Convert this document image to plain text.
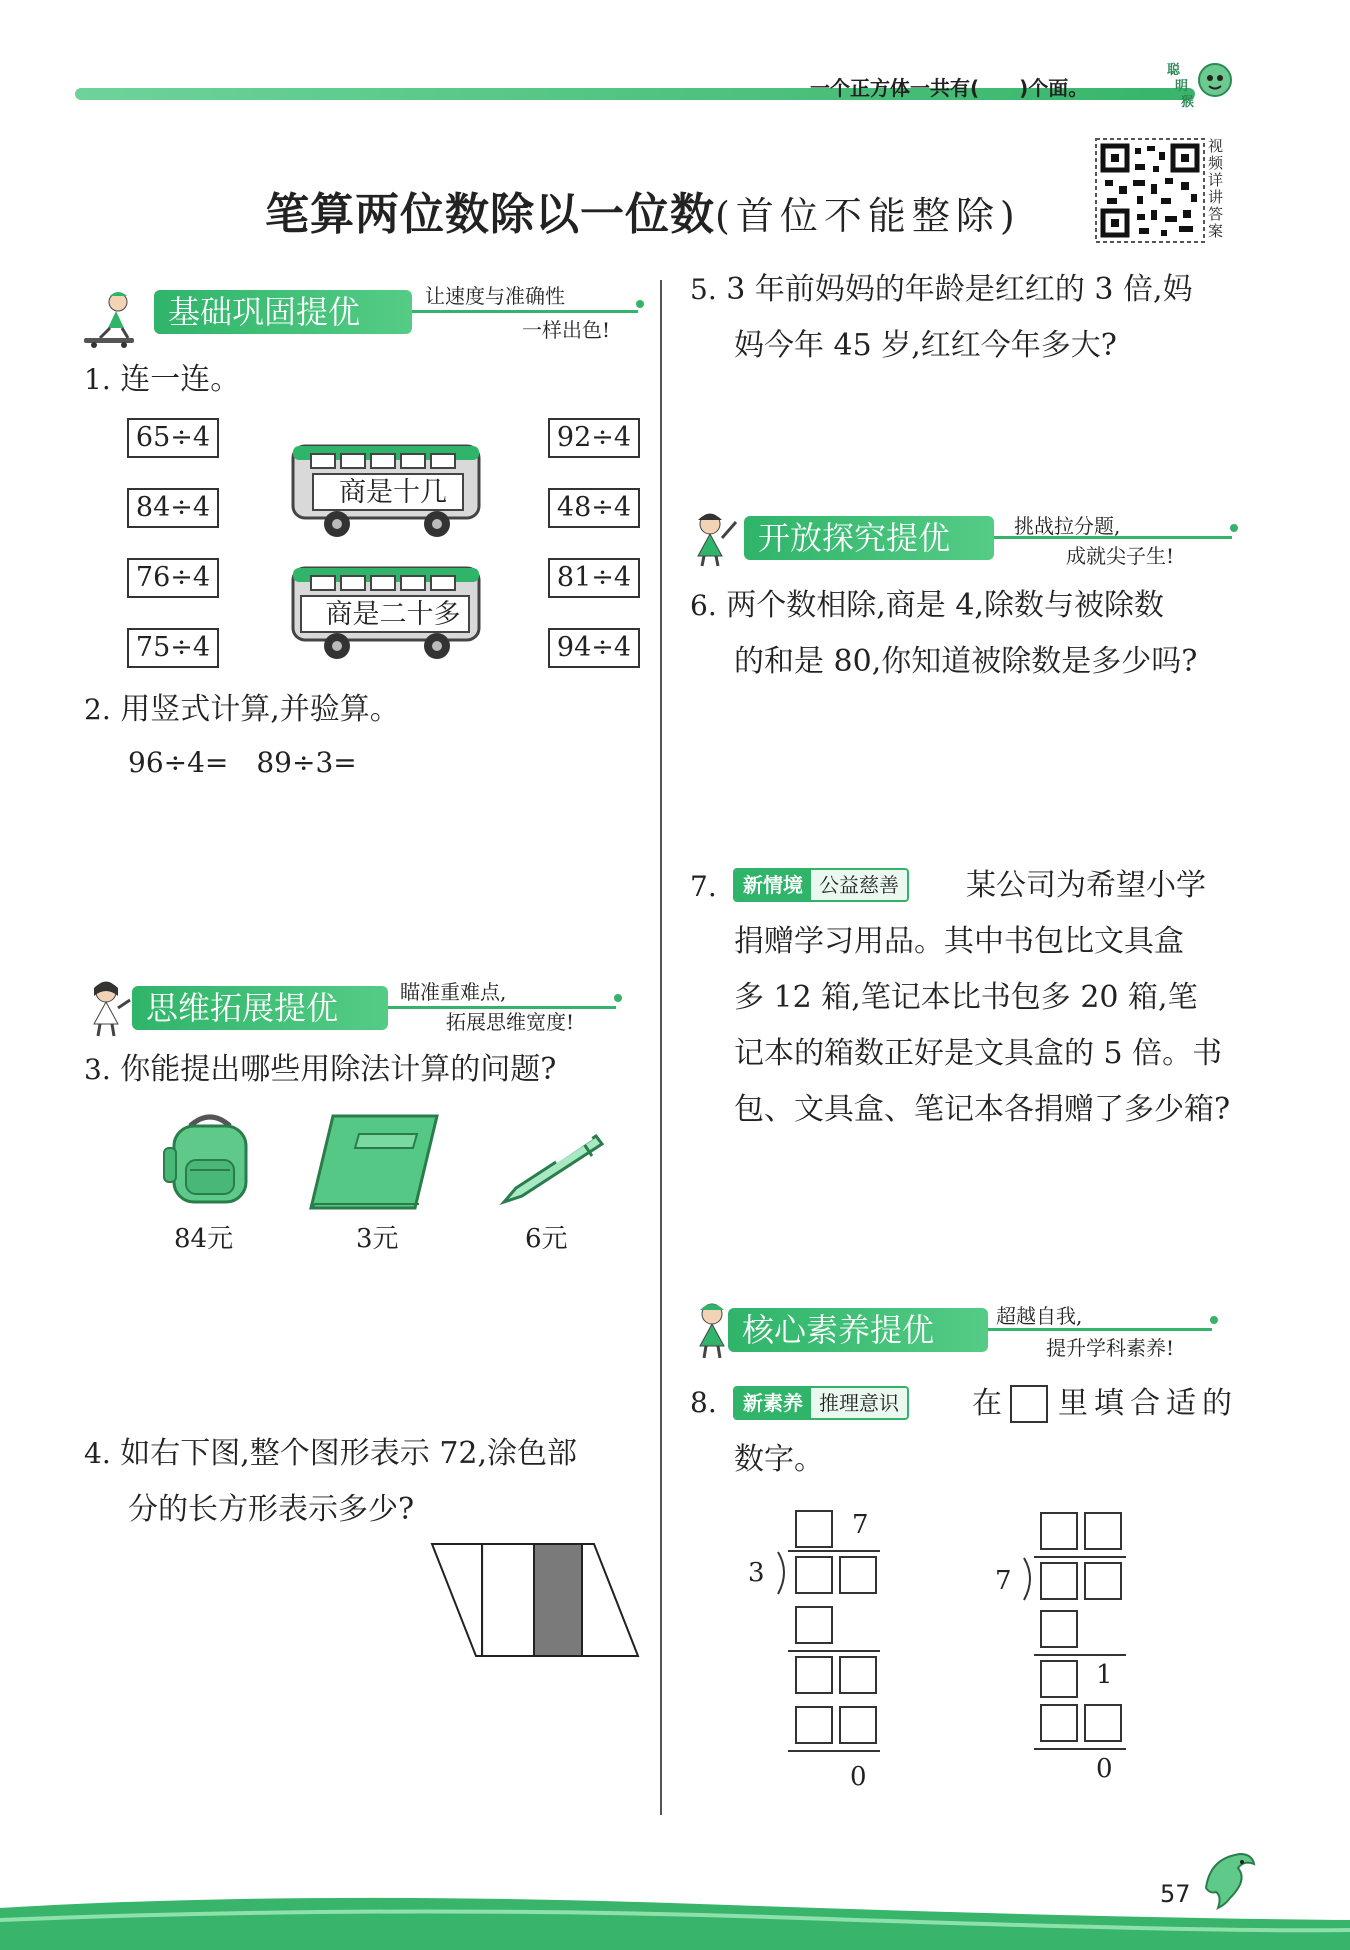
一个正方体一共有(　　)个面。
聪
明
猴
笔算两位数除以一位数(首位不能整除)
视频详讲答案
基础巩固提优	让速度与准确性
一样出色!
1. 连一连。
65÷4
84÷4
76÷4
75÷4
92÷4
48÷4
81÷4
94÷4
商是十几
商是二十多
2. 用竖式计算,并验算。
96÷4=　89÷3=
思维拓展提优	瞄准重难点,
拓展思维宽度!
3. 你能提出哪些用除法计算的问题?
84元	3元	6元
4. 如右下图,整个图形表示 72,涂色部
分的长方形表示多少?
5. 3 年前妈妈的年龄是红红的 3 倍,妈
妈今年 45 岁,红红今年多大?
开放探究提优	挑战拉分题,
成就尖子生!
6. 两个数相除,商是 4,除数与被除数
的和是 80,你知道被除数是多少吗?
7.	新情境 公益慈善 某公司为希望小学
捐赠学习用品。其中书包比文具盒
多 12 箱,笔记本比书包多 20 箱,笔
记本的箱数正好是文具盒的 5 倍。书
包、文具盒、笔记本各捐赠了多少箱?
核心素养提优	超越自我,
提升学科素养!
8.	新素养 推理意识 在 里填合适的
数字。
7
3
0
7
1
0
57
